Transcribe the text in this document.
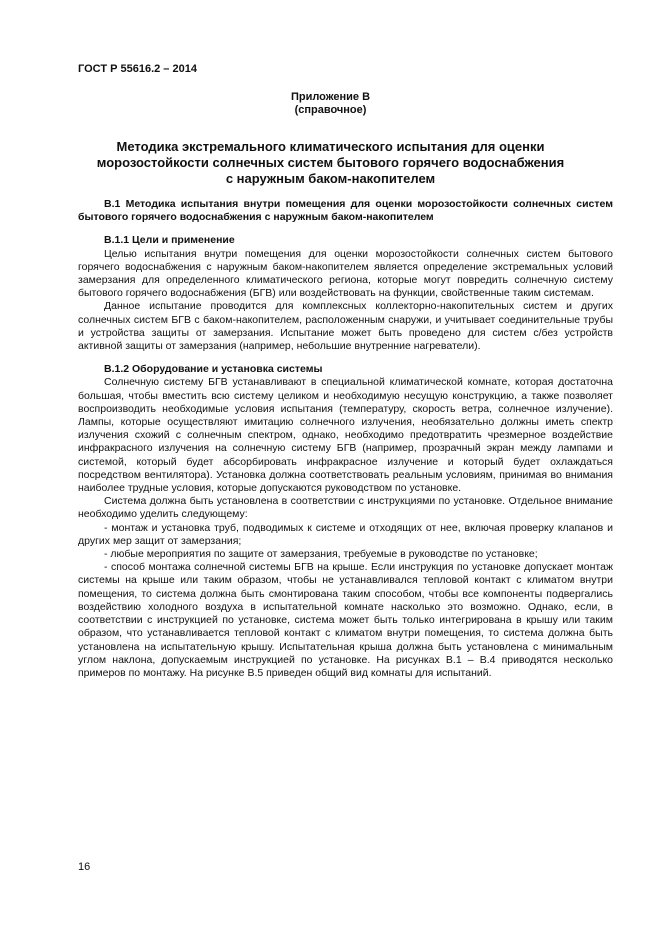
ГОСТ Р 55616.2 – 2014
Приложение В
(справочное)
Методика экстремального климатического испытания для оценки морозостойкости солнечных систем бытового горячего водоснабжения с наружным баком-накопителем

В.1 Методика испытания внутри помещения для оценки морозостойкости солнечных систем бытового горячего водоснабжения с наружным баком-накопителем

В.1.1 Цели и применение

Целью испытания внутри помещения для оценки морозостойкости солнечных систем бытового горячего водоснабжения с наружным баком-накопителем является определение экстремальных условий замерзания для определенного климатического региона, которые могут повредить солнечную систему бытового горячего водоснабжения (БГВ) или воздействовать на функции, свойственные таким системам.

Данное испытание проводится для комплексных коллекторно-накопительных систем и других солнечных систем БГВ с баком-накопителем, расположенным снаружи, и учитывает соединительные трубы и устройства защиты от замерзания. Испытание может быть проведено для систем с/без устройств активной защиты от замерзания (например, небольшие внутренние нагреватели).

В.1.2 Оборудование и установка системы

Солнечную систему БГВ устанавливают в специальной климатической комнате, которая достаточна большая, чтобы вместить всю систему целиком и необходимую несущую конструкцию, а также позволяет воспроизводить необходимые условия испытания (температуру, скорость ветра, солнечное излучение). Лампы, которые осуществляют имитацию солнечного излучения, необязательно должны иметь спектр излучения схожий с солнечным спектром, однако, необходимо предотвратить чрезмерное воздействие инфракрасного излучения на солнечную систему БГВ (например, прозрачный экран между лампами и системой, который будет абсорбировать инфракрасное излучение и который будет охлаждаться посредством вентилятора). Установка должна соответствовать реальным условиям, принимая во внимания наиболее трудные условия, которые допускаются руководством по установке.

Система должна быть установлена в соответствии с инструкциями по установке. Отдельное внимание необходимо уделить следующему:

- монтаж и установка труб, подводимых к системе и отходящих от нее, включая проверку клапанов и других мер защит от замерзания;

- любые мероприятия по защите от замерзания, требуемые в руководстве по установке;

- способ монтажа солнечной системы БГВ на крыше. Если инструкция по установке допускает монтаж системы на крыше или таким образом, чтобы не устанавливался тепловой контакт с климатом внутри помещения, то система должна быть смонтирована таким способом, чтобы все компоненты подвергались воздействию холодного воздуха в испытательной комнате насколько это возможно. Однако, если, в соответствии с инструкцией по установке, система может быть только интегрирована в крышу или таким образом, что устанавливается тепловой контакт с климатом внутри помещения, то система должна быть установлена на испытательную крышу. Испытательная крыша должна быть установлена с минимальным углом наклона, допускаемым инструкцией по установке. На рисунках В.1 – В.4 приводятся несколько примеров по монтажу. На рисунке В.5 приведен общий вид комнаты для испытаний.

16
